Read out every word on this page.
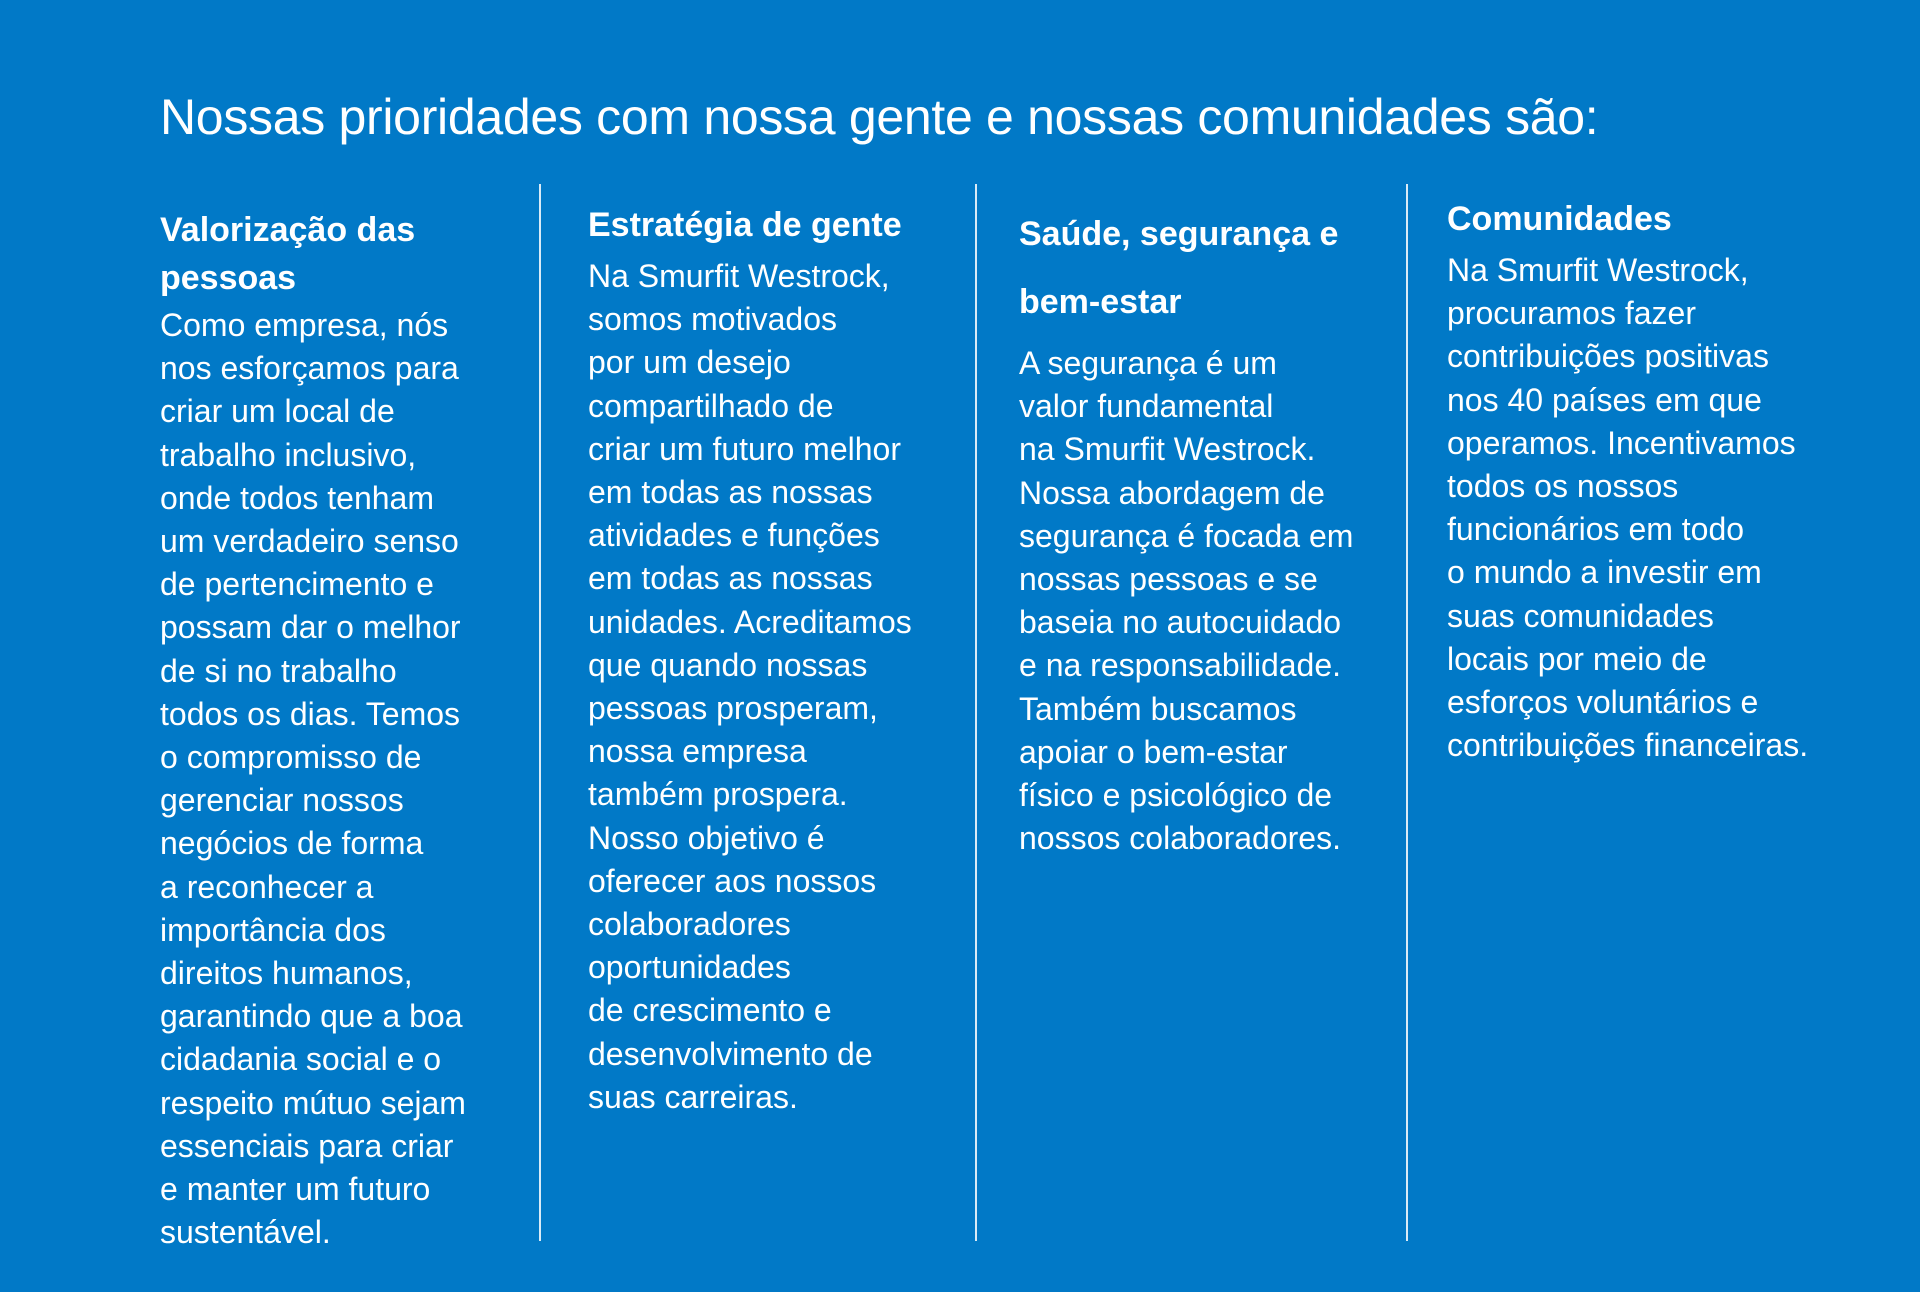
Nossas prioridades com nossa gente e nossas comunidades são:
Valorização das
pessoas

Como empresa, nós
nos esforçamos para
criar um local de
trabalho inclusivo,
onde todos tenham
um verdadeiro senso
de pertencimento e
possam dar o melhor
de si no trabalho
todos os dias. Temos
o compromisso de
gerenciar nossos
negócios de forma
a reconhecer a
importância dos
direitos humanos,
garantindo que a boa
cidadania social e o
respeito mútuo sejam
essenciais para criar
e manter um futuro
sustentável.

Estratégia de gente

Na Smurfit Westrock,
somos motivados
por um desejo
compartilhado de
criar um futuro melhor
em todas as nossas
atividades e funções
em todas as nossas
unidades. Acreditamos
que quando nossas
pessoas prosperam,
nossa empresa
também prospera.
Nosso objetivo é
oferecer aos nossos
colaboradores
oportunidades
de crescimento e
desenvolvimento de
suas carreiras.

Saúde, segurança e
bem-estar

A segurança é um
valor fundamental
na Smurfit Westrock.
Nossa abordagem de
segurança é focada em
nossas pessoas e se
baseia no autocuidado
e na responsabilidade.
Também buscamos
apoiar o bem-estar
físico e psicológico de
nossos colaboradores.

Comunidades

Na Smurfit Westrock,
procuramos fazer
contribuições positivas
nos 40 países em que
operamos. Incentivamos
todos os nossos
funcionários em todo
o mundo a investir em
suas comunidades
locais por meio de
esforços voluntários e
contribuições financeiras.
